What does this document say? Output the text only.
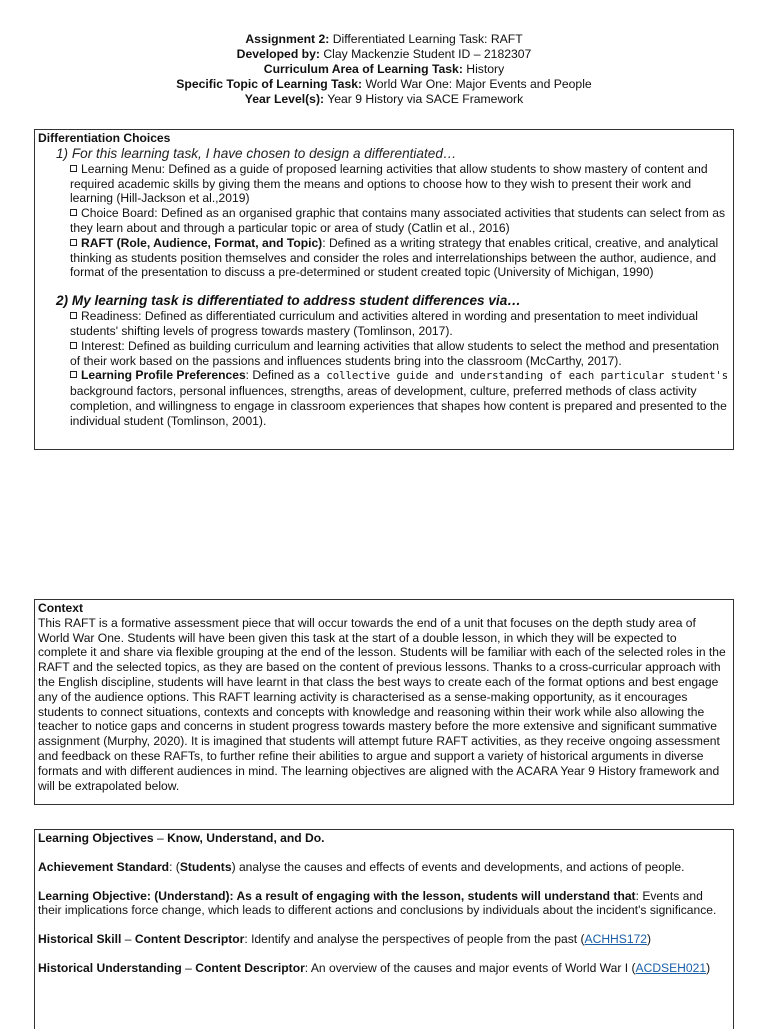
Assignment 2: Differentiated Learning Task: RAFT
Developed by: Clay Mackenzie Student ID – 2182307
Curriculum Area of Learning Task: History
Specific Topic of Learning Task: World War One: Major Events and People
Year Level(s): Year 9 History via SACE Framework
Differentiation Choices
1) For this learning task, I have chosen to design a differentiated…
Learning Menu: Defined as a guide of proposed learning activities that allow students to show mastery of content and required academic skills by giving them the means and options to choose how to they wish to present their work and learning (Hill-Jackson et al.,2019)
Choice Board: Defined as an organised graphic that contains many associated activities that students can select from as they learn about and through a particular topic or area of study (Catlin et al., 2016)
RAFT (Role, Audience, Format, and Topic): Defined as a writing strategy that enables critical, creative, and analytical thinking as students position themselves and consider the roles and interrelationships between the author, audience, and format of the presentation to discuss a pre-determined or student created topic (University of Michigan, 1990)
2) My learning task is differentiated to address student differences via…
Readiness: Defined as differentiated curriculum and activities altered in wording and presentation to meet individual students' shifting levels of progress towards mastery (Tomlinson, 2017).
Interest: Defined as building curriculum and learning activities that allow students to select the method and presentation of their work based on the passions and influences students bring into the classroom (McCarthy, 2017).
Learning Profile Preferences: Defined as a collective guide and understanding of each particular student's background factors, personal influences, strengths, areas of development, culture, preferred methods of class activity completion, and willingness to engage in classroom experiences that shapes how content is prepared and presented to the individual student (Tomlinson, 2001).
Context
This RAFT is a formative assessment piece that will occur towards the end of a unit that focuses on the depth study area of World War One. Students will have been given this task at the start of a double lesson, in which they will be expected to complete it and share via flexible grouping at the end of the lesson. Students will be familiar with each of the selected roles in the RAFT and the selected topics, as they are based on the content of previous lessons. Thanks to a cross-curricular approach with the English discipline, students will have learnt in that class the best ways to create each of the format options and best engage any of the audience options. This RAFT learning activity is characterised as a sense-making opportunity, as it encourages students to connect situations, contexts and concepts with knowledge and reasoning within their work while also allowing the teacher to notice gaps and concerns in student progress towards mastery before the more extensive and significant summative assignment (Murphy, 2020). It is imagined that students will attempt future RAFT activities, as they receive ongoing assessment and feedback on these RAFTs, to further refine their abilities to argue and support a variety of historical arguments in diverse formats and with different audiences in mind. The learning objectives are aligned with the ACARA Year 9 History framework and will be extrapolated below.
Learning Objectives – Know, Understand, and Do.
Achievement Standard: (Students) analyse the causes and effects of events and developments, and actions of people.
Learning Objective: (Understand): As a result of engaging with the lesson, students will understand that: Events and their implications force change, which leads to different actions and conclusions by individuals about the incident's significance.
Historical Skill – Content Descriptor: Identify and analyse the perspectives of people from the past (ACHHS172)
Historical Understanding – Content Descriptor: An overview of the causes and major events of World War I (ACDSEH021)
